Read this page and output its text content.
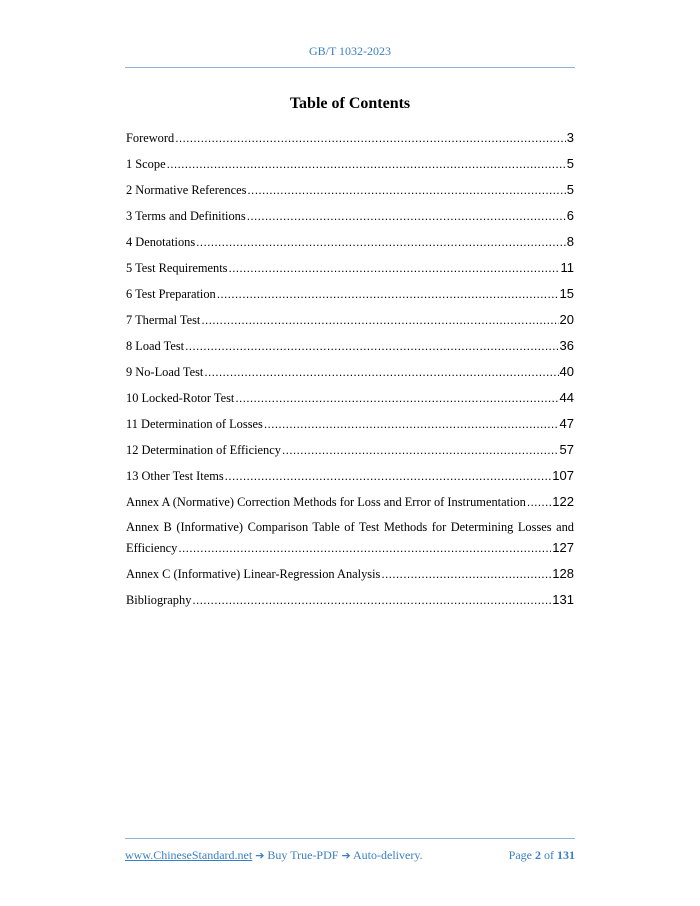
GB/T 1032-2023
Table of Contents
Foreword .....	3
1 Scope .....	5
2 Normative References .....	5
3 Terms and Definitions .....	6
4 Denotations .....	8
5 Test Requirements .....	11
6 Test Preparation .....	15
7 Thermal Test .....	20
8 Load Test .....	36
9 No-Load Test .....	40
10 Locked-Rotor Test .....	44
11 Determination of Losses .....	47
12 Determination of Efficiency .....	57
13 Other Test Items .....	107
Annex A (Normative) Correction Methods for Loss and Error of Instrumentation ..... 122
Annex B (Informative) Comparison Table of Test Methods for Determining Losses and
Efficiency .....	127
Annex C (Informative) Linear-Regression Analysis .....	128
Bibliography .....	131
www.ChineseStandard.net ➔ Buy True-PDF ➔ Auto-delivery.	Page 2 of 131
